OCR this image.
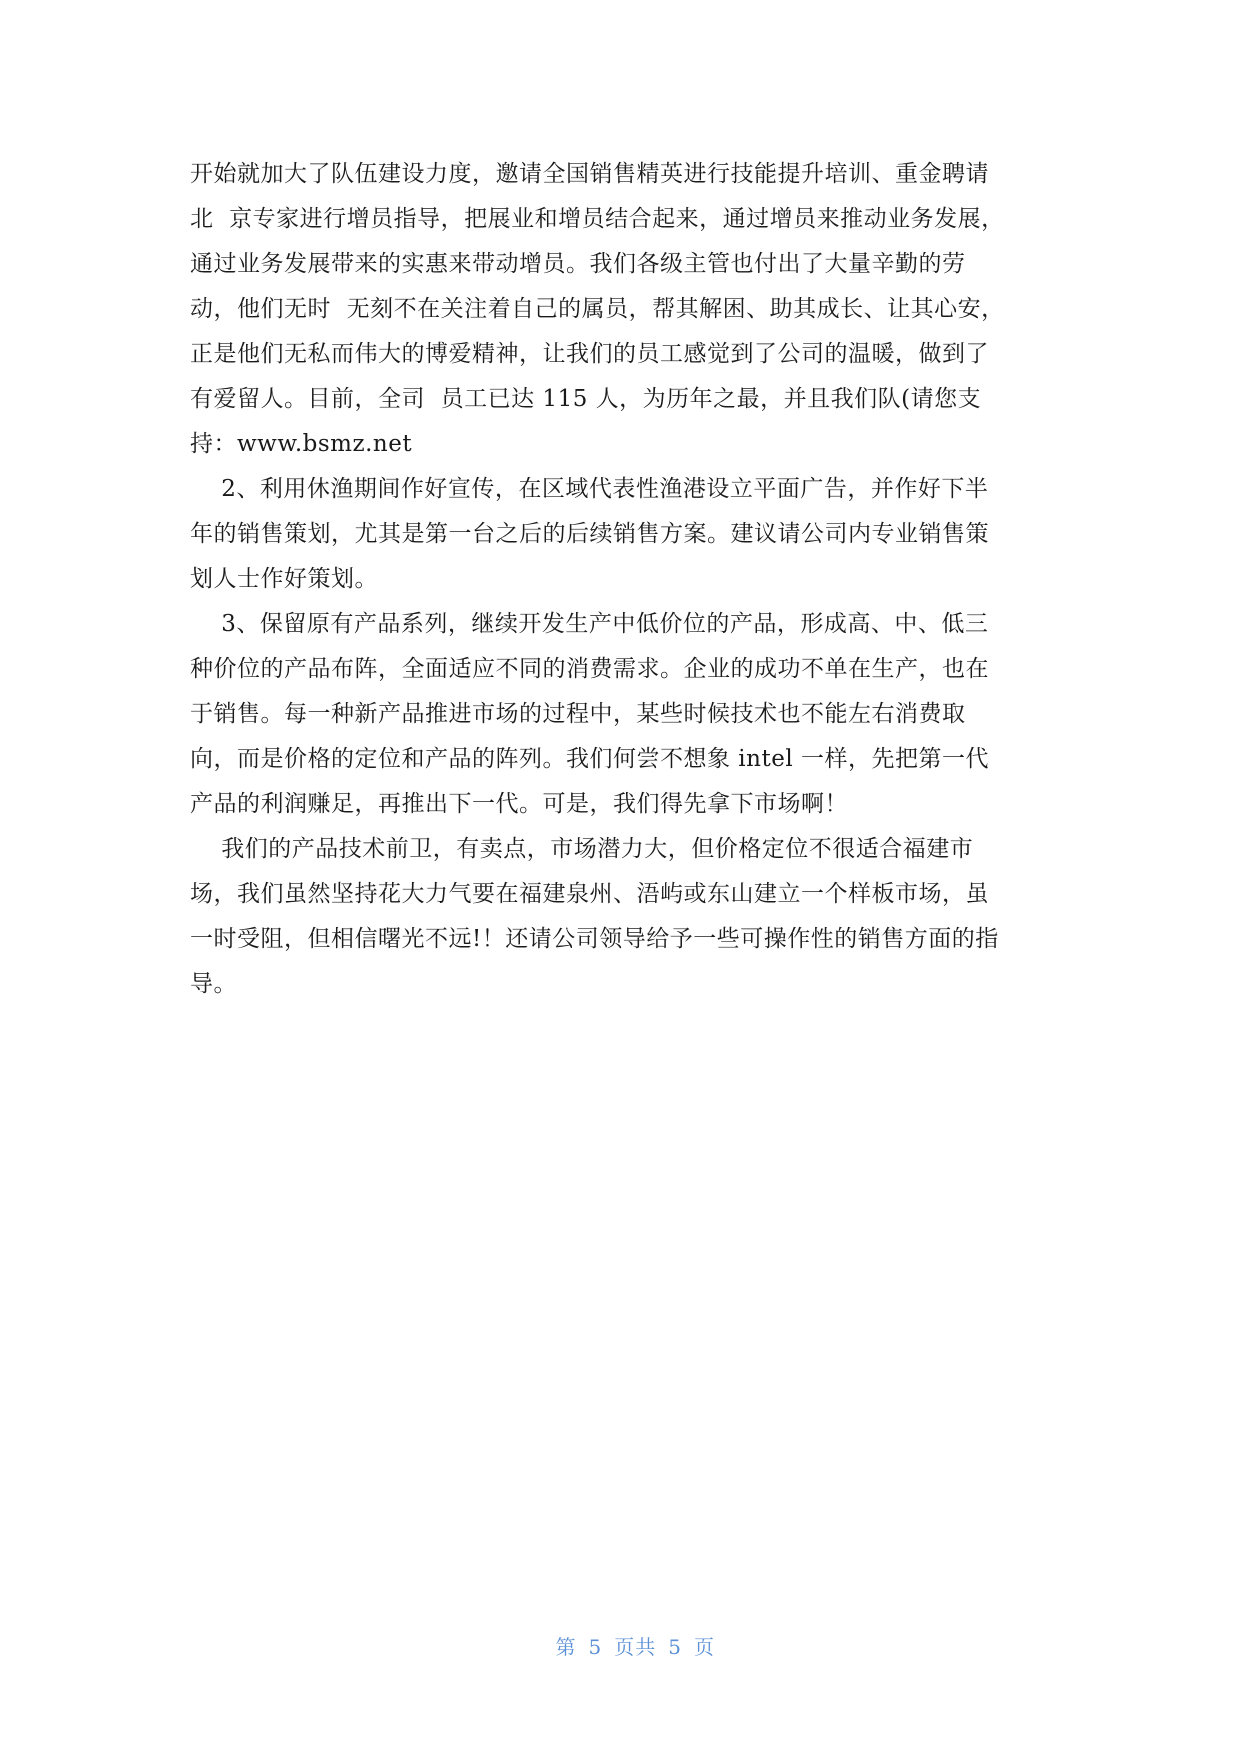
开始就加大了队伍建设力度，邀请全国销售精英进行技能提升培训、重金聘请
北  京专家进行增员指导，把展业和增员结合起来，通过增员来推动业务发展，
通过业务发展带来的实惠来带动增员。我们各级主管也付出了大量辛勤的劳
动，他们无时  无刻不在关注着自己的属员，帮其解困、助其成长、让其心安，
正是他们无私而伟大的博爱精神，让我们的员工感觉到了公司的温暖，做到了
有爱留人。目前，全司  员工已达 115 人，为历年之最，并且我们队(请您支
持：www.bsmz.net
2、利用休渔期间作好宣传，在区域代表性渔港设立平面广告，并作好下半
年的销售策划，尤其是第一台之后的后续销售方案。建议请公司内专业销售策
划人士作好策划。
3、保留原有产品系列，继续开发生产中低价位的产品，形成高、中、低三
种价位的产品布阵，全面适应不同的消费需求。企业的成功不单在生产，也在
于销售。每一种新产品推进市场的过程中，某些时候技术也不能左右消费取
向，而是价格的定位和产品的阵列。我们何尝不想象 intel 一样，先把第一代
产品的利润赚足，再推出下一代。可是，我们得先拿下市场啊！
我们的产品技术前卫，有卖点，市场潜力大，但价格定位不很适合福建市
场，我们虽然坚持花大力气要在福建泉州、浯屿或东山建立一个样板市场，虽
一时受阻，但相信曙光不远!！还请公司领导给予一些可操作性的销售方面的指
导。

第 5 页共 5 页
